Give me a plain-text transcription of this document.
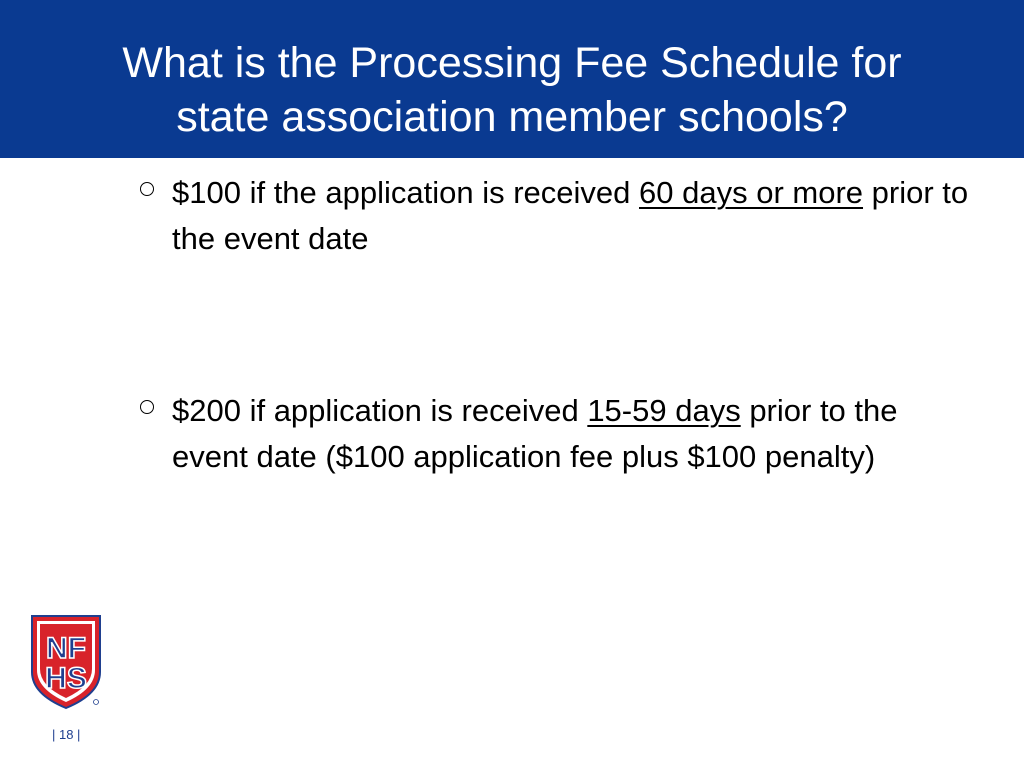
What is the Processing Fee Schedule for
state association member schools?
$100 if the application is received 60 days or more prior to the event date
$200 if application is received 15-59 days prior to the event date ($100 application fee plus $100 penalty)
NF
HS
| 18 |
